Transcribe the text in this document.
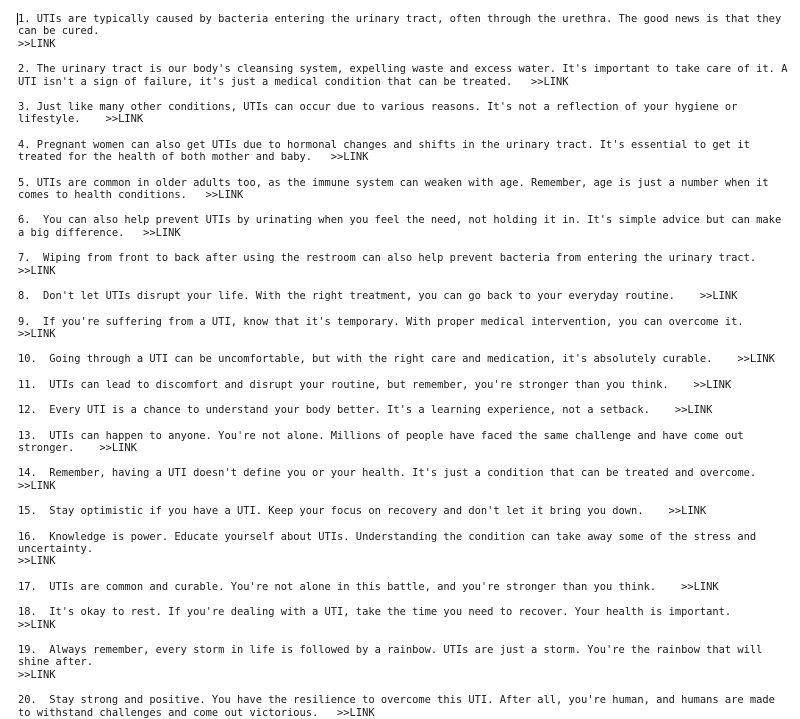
1. UTIs are typically caused by bacteria entering the urinary tract, often through the urethra. The good news is that they can be cured.
>>LINK

2. The urinary tract is our body's cleansing system, expelling waste and excess water. It's important to take care of it. A UTI isn't a sign of failure, it's just a medical condition that can be treated.   >>LINK

3. Just like many other conditions, UTIs can occur due to various reasons. It's not a reflection of your hygiene or lifestyle.    >>LINK

4. Pregnant women can also get UTIs due to hormonal changes and shifts in the urinary tract. It's essential to get it treated for the health of both mother and baby.   >>LINK

5. UTIs are common in older adults too, as the immune system can weaken with age. Remember, age is just a number when it comes to health conditions.   >>LINK

6.  You can also help prevent UTIs by urinating when you feel the need, not holding it in. It's simple advice but can make a big difference.   >>LINK

7.  Wiping from front to back after using the restroom can also help prevent bacteria from entering the urinary tract.    >>LINK

8.  Don't let UTIs disrupt your life. With the right treatment, you can go back to your everyday routine.    >>LINK

9.  If you're suffering from a UTI, know that it's temporary. With proper medical intervention, you can overcome it.    >>LINK

10.  Going through a UTI can be uncomfortable, but with the right care and medication, it's absolutely curable.    >>LINK

11.  UTIs can lead to discomfort and disrupt your routine, but remember, you're stronger than you think.    >>LINK

12.  Every UTI is a chance to understand your body better. It's a learning experience, not a setback.    >>LINK

13.  UTIs can happen to anyone. You're not alone. Millions of people have faced the same challenge and have come out stronger.    >>LINK

14.  Remember, having a UTI doesn't define you or your health. It's just a condition that can be treated and overcome.    >>LINK

15.  Stay optimistic if you have a UTI. Keep your focus on recovery and don't let it bring you down.    >>LINK

16.  Knowledge is power. Educate yourself about UTIs. Understanding the condition can take away some of the stress and uncertainty.
>>LINK

17.  UTIs are common and curable. You're not alone in this battle, and you're stronger than you think.    >>LINK

18.  It's okay to rest. If you're dealing with a UTI, take the time you need to recover. Your health is important.    >>LINK

19.  Always remember, every storm in life is followed by a rainbow. UTIs are just a storm. You're the rainbow that will shine after.
>>LINK

20.  Stay strong and positive. You have the resilience to overcome this UTI. After all, you're human, and humans are made to withstand challenges and come out victorious.   >>LINK
